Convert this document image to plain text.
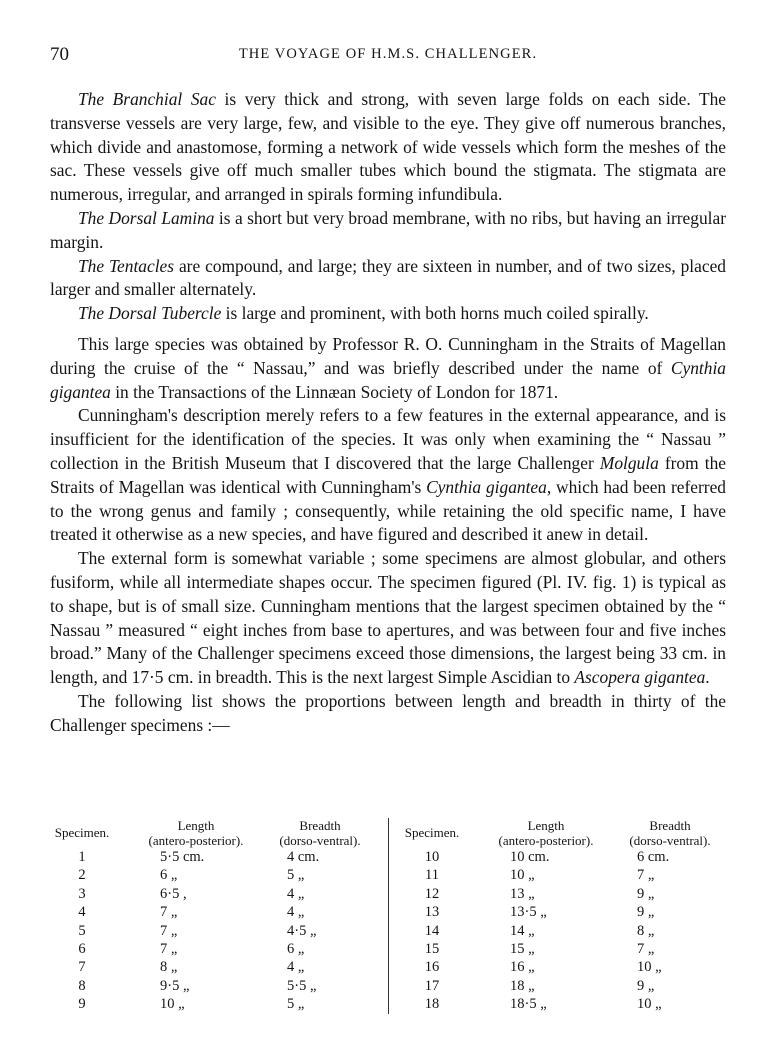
70	THE VOYAGE OF H.M.S. CHALLENGER.

The Branchial Sac is very thick and strong, with seven large folds on each side. The transverse vessels are very large, few, and visible to the eye. They give off numerous branches, which divide and anastomose, forming a network of wide vessels which form the meshes of the sac. These vessels give off much smaller tubes which bound the stigmata. The stigmata are numerous, irregular, and arranged in spirals forming infundibula.

The Dorsal Lamina is a short but very broad membrane, with no ribs, but having an irregular margin.

The Tentacles are compound, and large; they are sixteen in number, and of two sizes, placed larger and smaller alternately.

The Dorsal Tubercle is large and prominent, with both horns much coiled spirally.

This large species was obtained by Professor R. O. Cunningham in the Straits of Magellan during the cruise of the “ Nassau,” and was briefly described under the name of Cynthia gigantea in the Transactions of the Linnæan Society of London for 1871.

Cunningham's description merely refers to a few features in the external appearance, and is insufficient for the identification of the species. It was only when examining the “ Nassau ” collection in the British Museum that I discovered that the large Challenger Molgula from the Straits of Magellan was identical with Cunningham's Cynthia gigantea, which had been referred to the wrong genus and family ; consequently, while retaining the old specific name, I have treated it otherwise as a new species, and have figured and described it anew in detail.

The external form is somewhat variable ; some specimens are almost globular, and others fusiform, while all intermediate shapes occur. The specimen figured (Pl. IV. fig. 1) is typical as to shape, but is of small size. Cunningham mentions that the largest specimen obtained by the “ Nassau ” measured “ eight inches from base to apertures, and was between four and five inches broad.” Many of the Challenger specimens exceed those dimensions, the largest being 33 cm. in length, and 17·5 cm. in breadth. This is the next largest Simple Ascidian to Ascopera gigantea.

The following list shows the proportions between length and breadth in thirty of the Challenger specimens :—

Specimen.	Length
(antero-posterior).
Breadth
(dorso-ventral).
1	5·5 cm.	4 cm.
2	6 „	5 „
3	6·5 ,	4 „
4	7 „	4 „
5	7 „	4·5 „
6	7 „	6 „
7	8 „	4 „
8	9·5 „	5·5 „
9	10 „	5 „
Specimen.	Length
(antero-posterior).
Breadth
(dorso-ventral).
10	10 cm.	6 cm.
11	10 „	7 „
12	13 „	9 „
13	13·5 „	9 „
14	14 „	8 „
15	15 „	7 „
16	16 „	10 „
17	18 „	9 „
18	18·5 „	10 „
